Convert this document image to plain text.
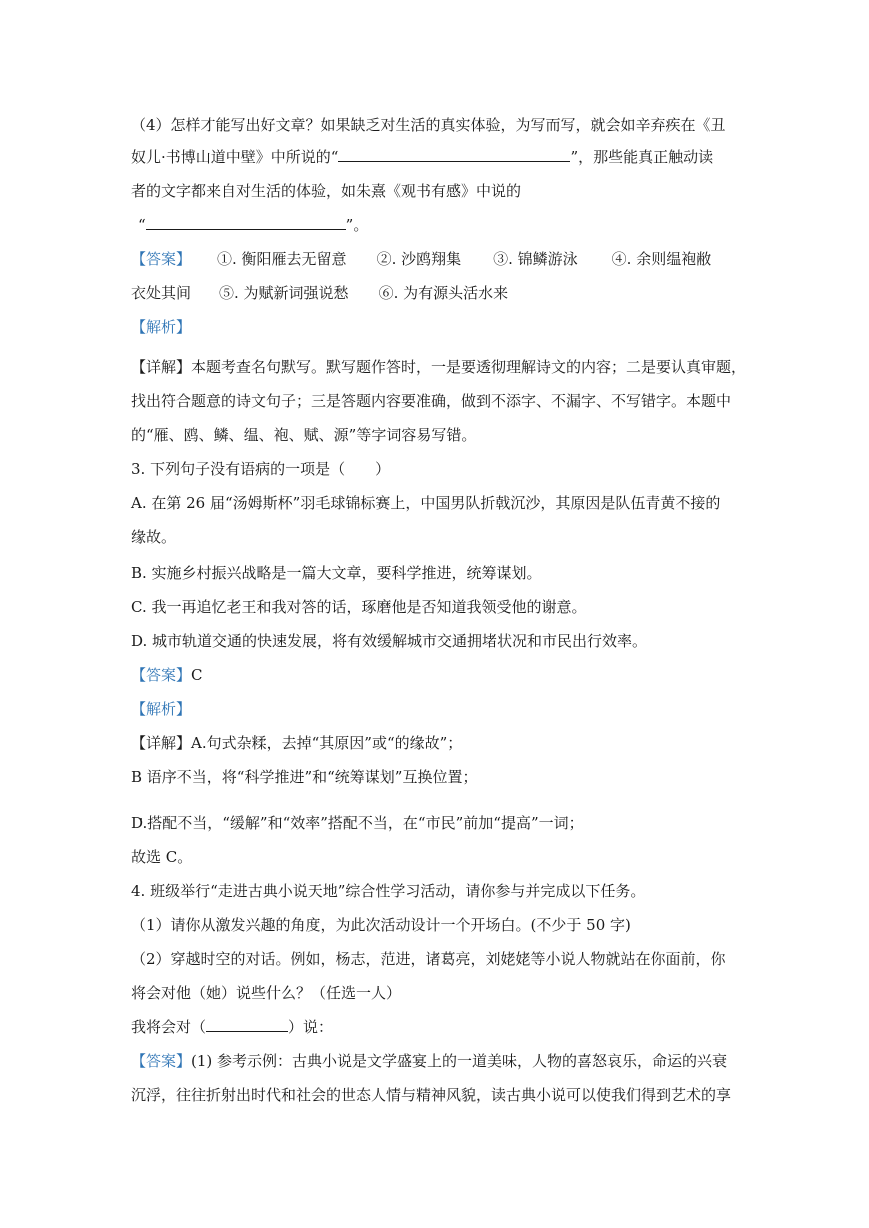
（4）怎样才能写出好文章？如果缺乏对生活的真实体验，为写而写，就会如辛弃疾在《丑
奴儿·书博山道中壁》中所说的“	”，那些能真正触动读
者的文字都来自对生活的体验，如朱熹《观书有感》中说的
“	”。
【答案】 ①. 衡阳雁去无留意 ②. 沙鸥翔集 ③. 锦鳞游泳 ④. 余则缊袍敝
衣处其间 ⑤. 为赋新词强说愁 ⑥. 为有源头活水来
【解析】
【详解】本题考查名句默写。默写题作答时，一是要透彻理解诗文的内容；二是要认真审题，
找出符合题意的诗文句子；三是答题内容要准确，做到不添字、不漏字、不写错字。本题中
的“雁、鸥、鳞、缊、袍、赋、源”等字词容易写错。
3. 下列句子没有语病的一项是（　　）
A. 在第 26 届“汤姆斯杯”羽毛球锦标赛上，中国男队折戟沉沙，其原因是队伍青黄不接的
缘故。
B. 实施乡村振兴战略是一篇大文章，要科学推进，统筹谋划。
C. 我一再追忆老王和我对答的话，琢磨他是否知道我领受他的谢意。
D. 城市轨道交通的快速发展，将有效缓解城市交通拥堵状况和市民出行效率。
【答案】C
【解析】
【详解】A.句式杂糅，去掉“其原因”或“的缘故”；
B 语序不当，将“科学推进”和“统筹谋划”互换位置；
D.搭配不当，“缓解”和“效率”搭配不当，在“市民”前加“提高”一词；
故选 C。
4. 班级举行“走进古典小说天地”综合性学习活动，请你参与并完成以下任务。
（1）请你从激发兴趣的角度，为此次活动设计一个开场白。(不少于 50 字)
（2）穿越时空的对话。例如，杨志，范进，诸葛亮，刘姥姥等小说人物就站在你面前，你
将会对他（她）说些什么？（任选一人）
我将会对（	）说：
【答案】(1) 参考示例：古典小说是文学盛宴上的一道美味，人物的喜怒哀乐，命运的兴衰
沉浮，往往折射出时代和社会的世态人情与精神风貌，读古典小说可以使我们得到艺术的享
